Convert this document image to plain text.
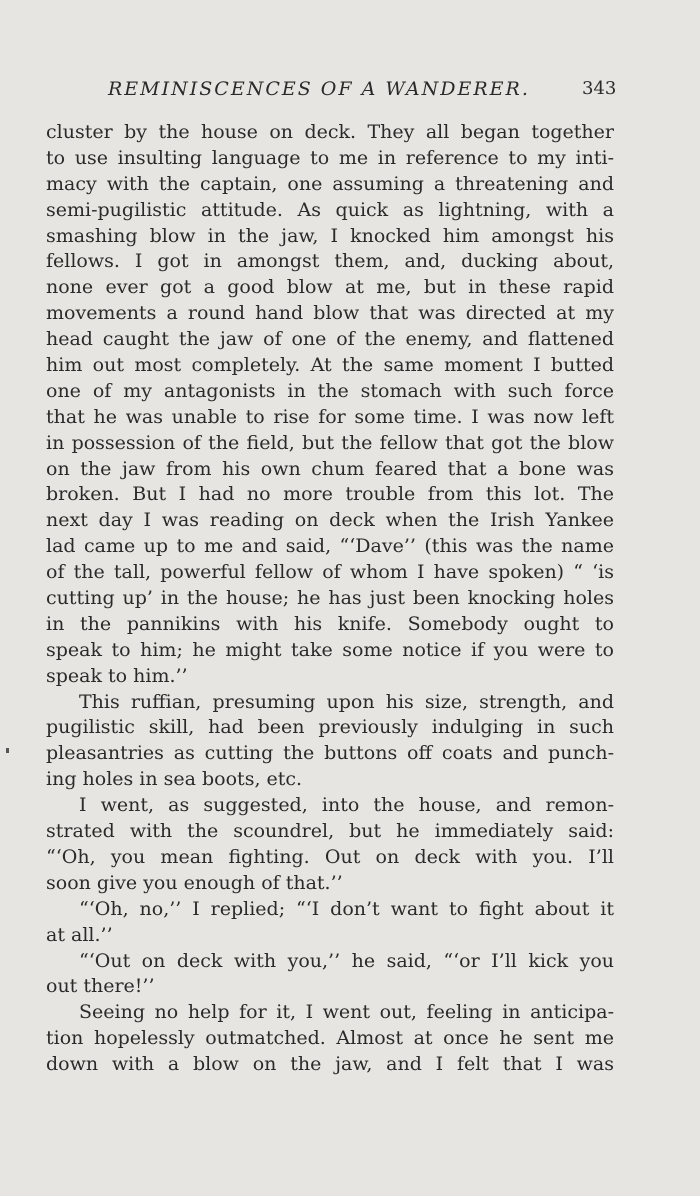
REMINISCENCES OF A WANDERER.	343
cluster by the house on deck. They all began together
to use insulting language to me in reference to my inti-
macy with the captain, one assuming a threatening and
semi-pugilistic attitude. As quick as lightning, with a
smashing blow in the jaw, I knocked him amongst his
fellows. I got in amongst them, and, ducking about,
none ever got a good blow at me, but in these rapid
movements a round hand blow that was directed at my
head caught the jaw of one of the enemy, and flattened
him out most completely. At the same moment I butted
one of my antagonists in the stomach with such force
that he was unable to rise for some time. I was now left
in possession of the field, but the fellow that got the blow
on the jaw from his own chum feared that a bone was
broken. But I had no more trouble from this lot. The
next day I was reading on deck when the Irish Yankee
lad came up to me and said, “‘Dave’’ (this was the name
of the tall, powerful fellow of whom I have spoken) “ ‘is
cutting up’ in the house; he has just been knocking holes
in the pannikins with his knife. Somebody ought to
speak to him; he might take some notice if you were to
speak to him.’’
This ruffian, presuming upon his size, strength, and
pugilistic skill, had been previously indulging in such
pleasantries as cutting the buttons off coats and punch-
ing holes in sea boots, etc.
I went, as suggested, into the house, and remon-
strated with the scoundrel, but he immediately said:
“‘Oh, you mean fighting. Out on deck with you. I’ll
soon give you enough of that.’’
“‘Oh, no,’’ I replied; “‘I don’t want to fight about it
at all.’’
“‘Out on deck with you,’’ he said, “‘or I’ll kick you
out there!’’
Seeing no help for it, I went out, feeling in anticipa-
tion hopelessly outmatched. Almost at once he sent me
down with a blow on the jaw, and I felt that I was
